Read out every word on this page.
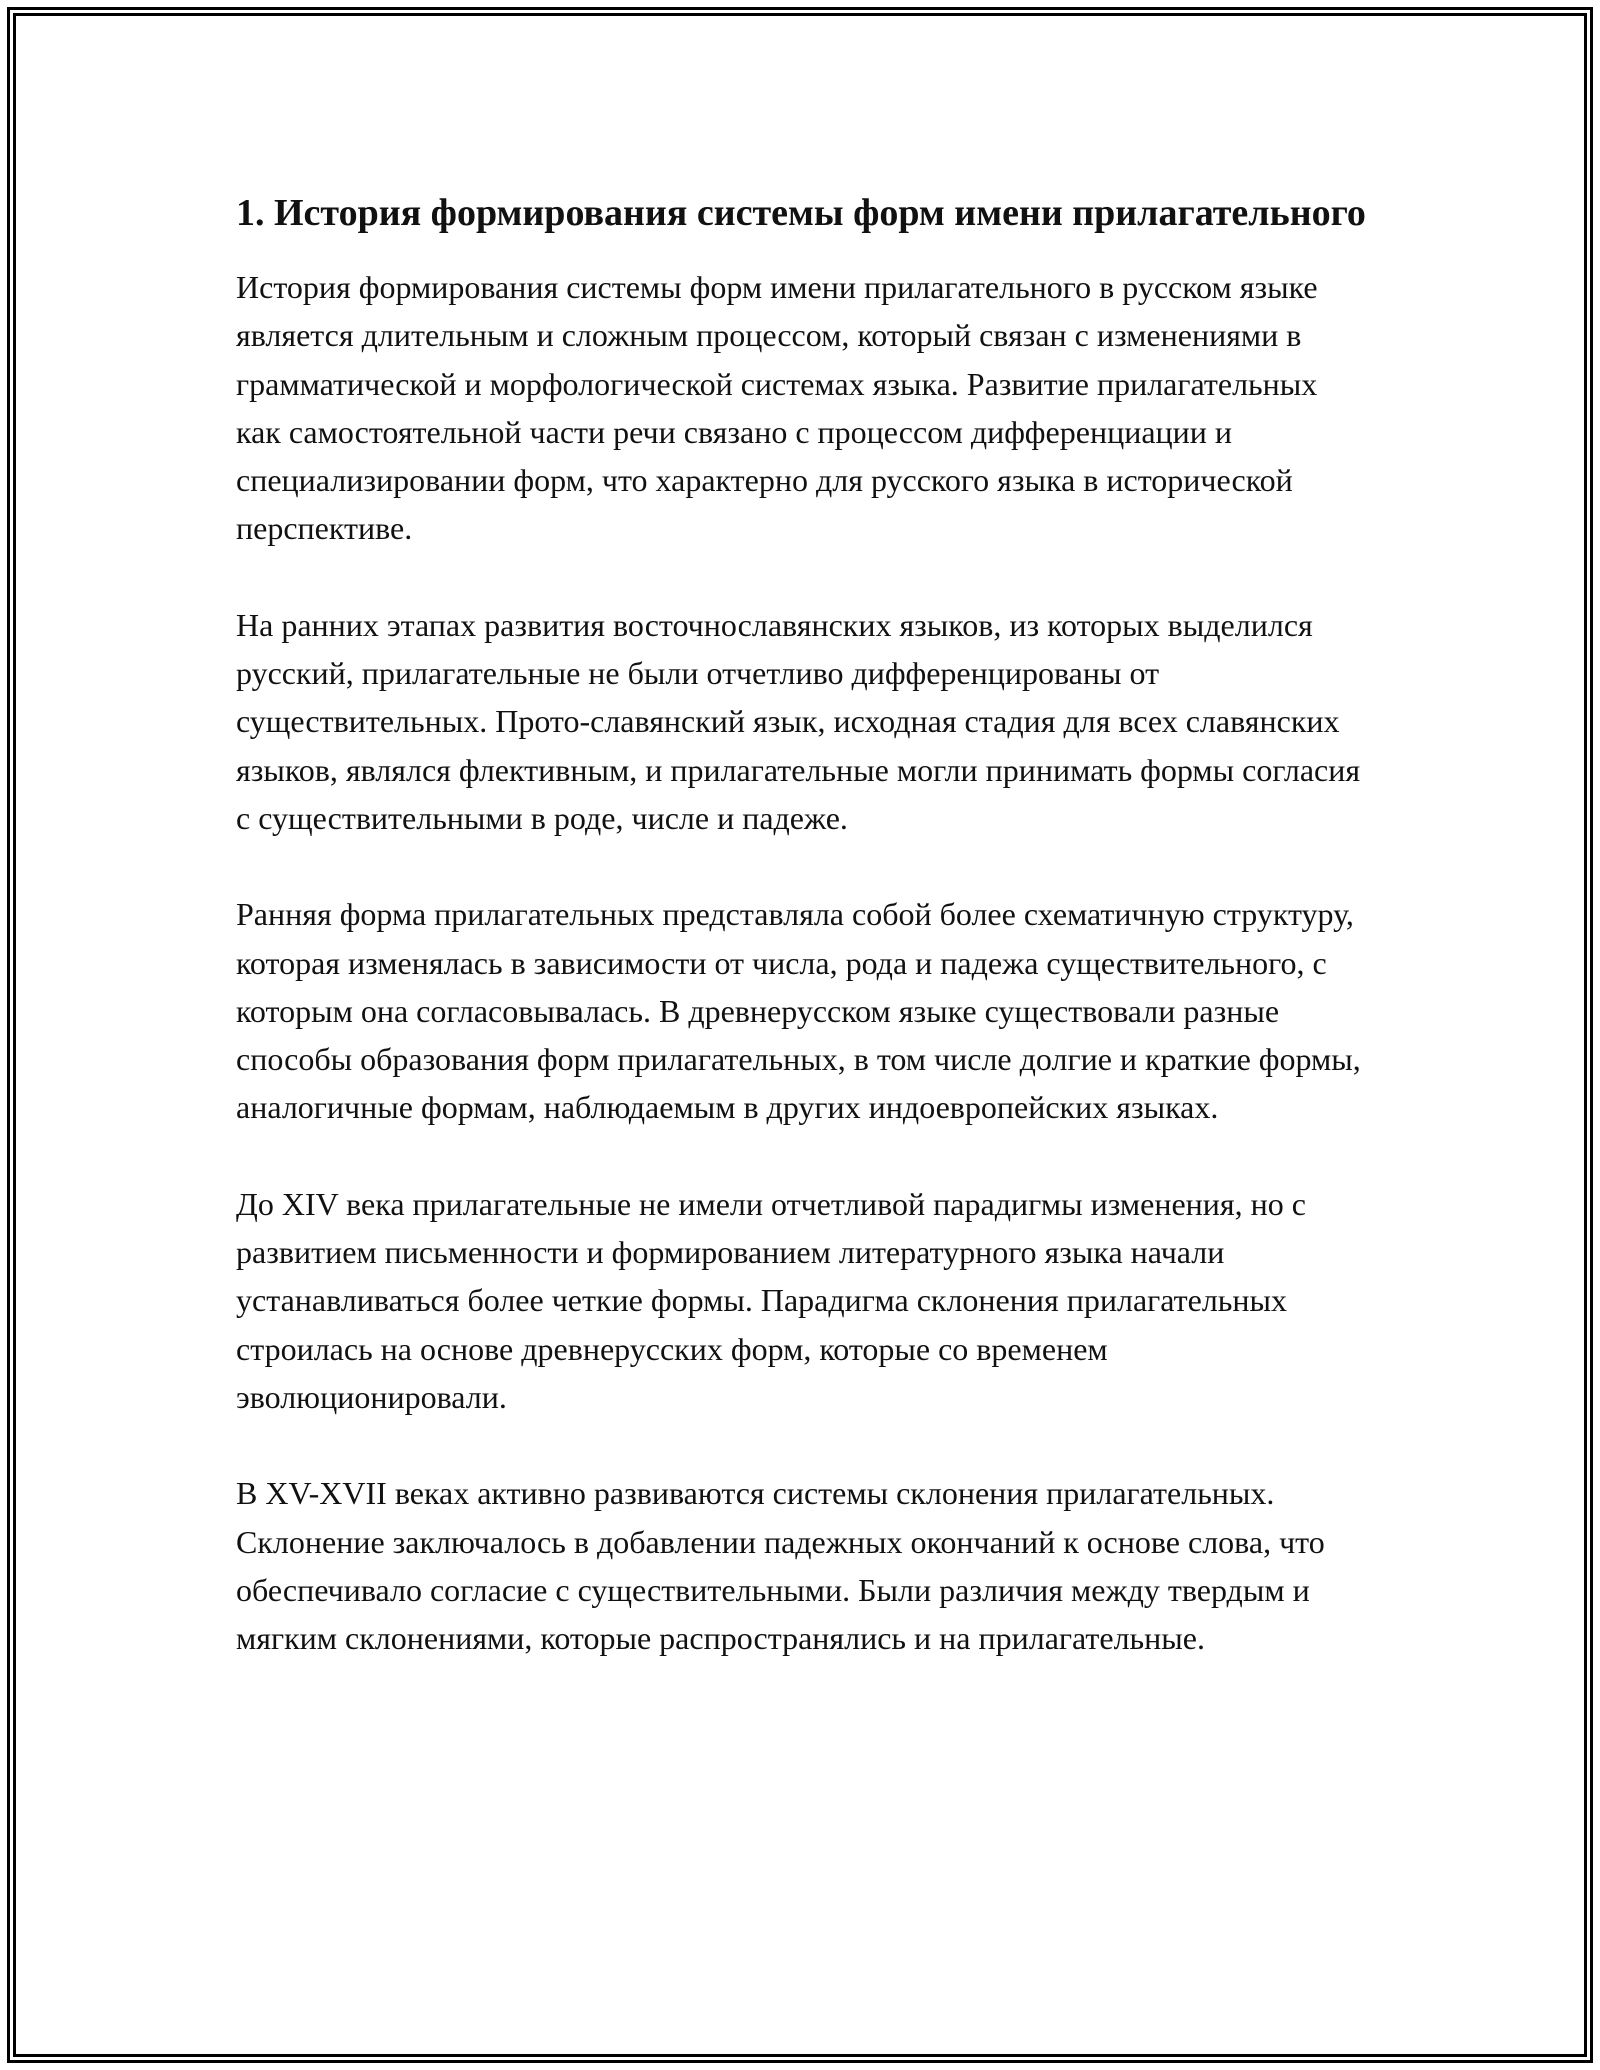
1. История формирования системы форм имени прилагательного

История формирования системы форм имени прилагательного в русском языке является длительным и сложным процессом, который связан с изменениями в грамматической и морфологической системах языка. Развитие прилагательных как самостоятельной части речи связано с процессом дифференциации и специализировании форм, что характерно для русского языка в исторической перспективе.

На ранних этапах развития восточнославянских языков, из которых выделился русский, прилагательные не были отчетливо дифференцированы от существительных. Прото-славянский язык, исходная стадия для всех славянских языков, являлся флективным, и прилагательные могли принимать формы согласия с существительными в роде, числе и падеже.

Ранняя форма прилагательных представляла собой более схематичную структуру, которая изменялась в зависимости от числа, рода и падежа существительного, с которым она согласовывалась. В древнерусском языке существовали разные способы образования форм прилагательных, в том числе долгие и краткие формы, аналогичные формам, наблюдаемым в других индоевропейских языках.

До XIV века прилагательные не имели отчетливой парадигмы изменения, но с развитием письменности и формированием литературного языка начали устанавливаться более четкие формы. Парадигма склонения прилагательных строилась на основе древнерусских форм, которые со временем эволюционировали.

В XV-XVII веках активно развиваются системы склонения прилагательных. Склонение заключалось в добавлении падежных окончаний к основе слова, что обеспечивало согласие с существительными. Были различия между твердым и мягким склонениями, которые распространялись и на прилагательные.
